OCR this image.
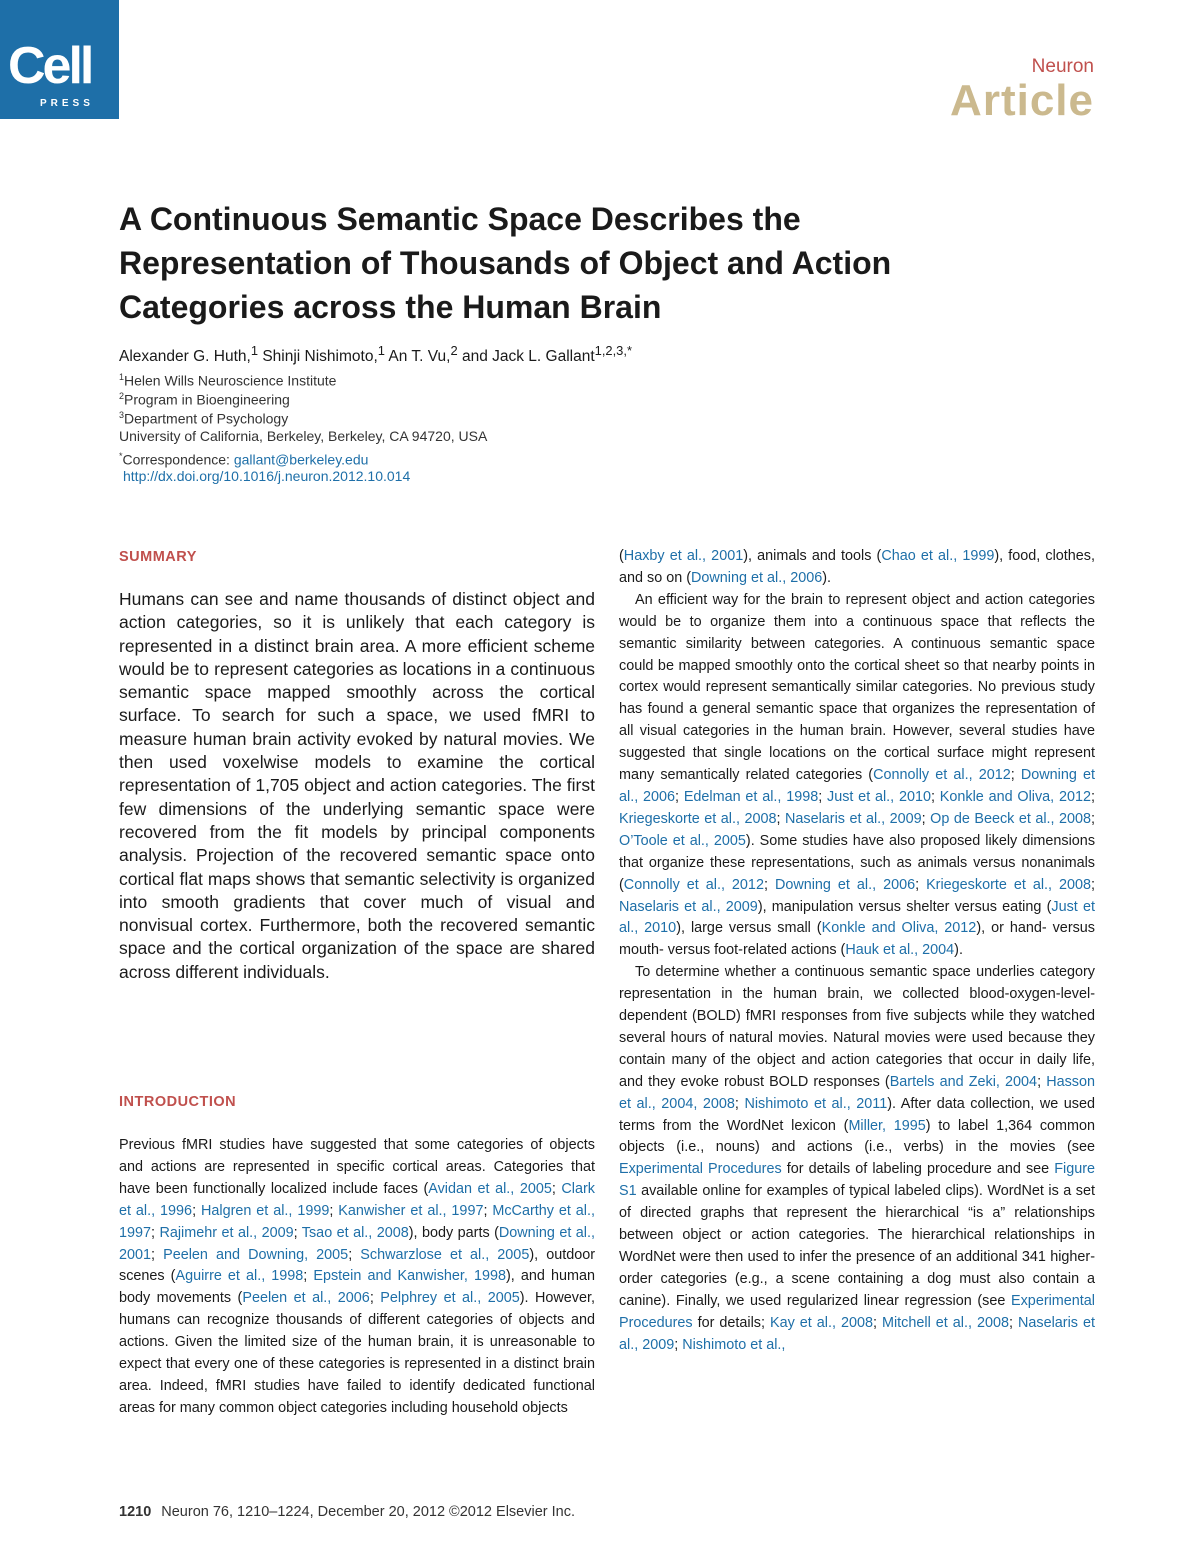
Cell
PRESS
Neuron
Article
A Continuous Semantic Space Describes the Representation of Thousands of Object and Action Categories across the Human Brain
Alexander G. Huth,$^1$ Shinji Nishimoto,$^1$ An T. Vu,$^2$ and Jack L. Gallant$^{1,2,3,*}$
$^1$Helen Wills Neuroscience Institute
$^2$Program in Bioengineering
$^3$Department of Psychology
University of California, Berkeley, Berkeley, CA 94720, USA
*Correspondence: gallant@berkeley.edu
http://dx.doi.org/10.1016/j.neuron.2012.10.014
SUMMARY

Humans can see and name thousands of distinct object and action categories, so it is unlikely that each category is represented in a distinct brain area. A more efficient scheme would be to represent categories as locations in a continuous semantic space mapped smoothly across the cortical surface. To search for such a space, we used fMRI to measure human brain activity evoked by natural movies. We then used voxelwise models to examine the cortical representation of 1,705 object and action categories. The first few dimensions of the underlying semantic space were recovered from the fit models by principal components analysis. Projection of the recovered semantic space onto cortical flat maps shows that semantic selectivity is organized into smooth gradients that cover much of visual and nonvisual cortex. Furthermore, both the recovered semantic space and the cortical organization of the space are shared across different individuals.

INTRODUCTION

Previous fMRI studies have suggested that some categories of objects and actions are represented in specific cortical areas. Categories that have been functionally localized include faces (Avidan et al., 2005; Clark et al., 1996; Halgren et al., 1999; Kanwisher et al., 1997; McCarthy et al., 1997; Rajimehr et al., 2009; Tsao et al., 2008), body parts (Downing et al., 2001; Peelen and Downing, 2005; Schwarzlose et al., 2005), outdoor scenes (Aguirre et al., 1998; Epstein and Kanwisher, 1998), and human body movements (Peelen et al., 2006; Pelphrey et al., 2005). However, humans can recognize thousands of different categories of objects and actions. Given the limited size of the human brain, it is unreasonable to expect that every one of these categories is represented in a distinct brain area. Indeed, fMRI studies have failed to identify dedicated functional areas for many common object categories including household objects

(Haxby et al., 2001), animals and tools (Chao et al., 1999), food, clothes, and so on (Downing et al., 2006).

An efficient way for the brain to represent object and action categories would be to organize them into a continuous space that reflects the semantic similarity between categories. A continuous semantic space could be mapped smoothly onto the cortical sheet so that nearby points in cortex would represent semantically similar categories. No previous study has found a general semantic space that organizes the representation of all visual categories in the human brain. However, several studies have suggested that single locations on the cortical surface might represent many semantically related categories (Connolly et al., 2012; Downing et al., 2006; Edelman et al., 1998; Just et al., 2010; Konkle and Oliva, 2012; Kriegeskorte et al., 2008; Naselaris et al., 2009; Op de Beeck et al., 2008; O’Toole et al., 2005). Some studies have also proposed likely dimensions that organize these representations, such as animals versus nonanimals (Connolly et al., 2012; Downing et al., 2006; Kriegeskorte et al., 2008; Naselaris et al., 2009), manipulation versus shelter versus eating (Just et al., 2010), large versus small (Konkle and Oliva, 2012), or hand- versus mouth- versus foot-related actions (Hauk et al., 2004).

To determine whether a continuous semantic space underlies category representation in the human brain, we collected blood-oxygen-level-dependent (BOLD) fMRI responses from five subjects while they watched several hours of natural movies. Natural movies were used because they contain many of the object and action categories that occur in daily life, and they evoke robust BOLD responses (Bartels and Zeki, 2004; Hasson et al., 2004, 2008; Nishimoto et al., 2011). After data collection, we used terms from the WordNet lexicon (Miller, 1995) to label 1,364 common objects (i.e., nouns) and actions (i.e., verbs) in the movies (see Experimental Procedures for details of labeling procedure and see Figure S1 available online for examples of typical labeled clips). WordNet is a set of directed graphs that represent the hierarchical “is a” relationships between object or action categories. The hierarchical relationships in WordNet were then used to infer the presence of an additional 341 higher-order categories (e.g., a scene containing a dog must also contain a canine). Finally, we used regularized linear regression (see Experimental Procedures for details; Kay et al., 2008; Mitchell et al., 2008; Naselaris et al., 2009; Nishimoto et al.,

1210 Neuron 76, 1210–1224, December 20, 2012 ©2012 Elsevier Inc.
